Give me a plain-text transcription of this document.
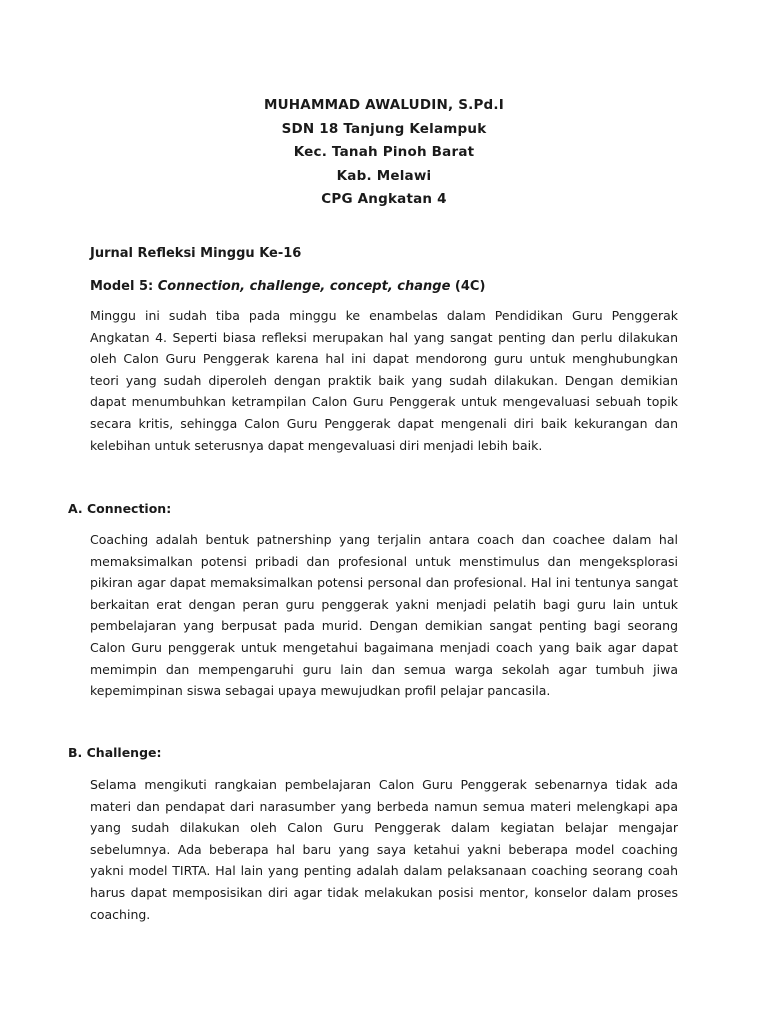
MUHAMMAD AWALUDIN, S.Pd.I
SDN 18 Tanjung Kelampuk
Kec. Tanah Pinoh Barat
Kab. Melawi
CPG Angkatan 4
Jurnal Refleksi Minggu Ke-16
Model 5: Connection, challenge, concept, change (4C)

Minggu ini sudah tiba pada minggu ke enambelas dalam Pendidikan Guru Penggerak Angkatan 4. Seperti biasa refleksi merupakan hal yang sangat penting dan perlu dilakukan oleh Calon Guru Penggerak karena hal ini dapat mendorong guru untuk menghubungkan teori yang sudah diperoleh dengan praktik baik yang sudah dilakukan. Dengan demikian dapat menumbuhkan ketrampilan Calon Guru Penggerak untuk mengevaluasi sebuah topik secara kritis, sehingga Calon Guru Penggerak dapat mengenali diri baik kekurangan dan kelebihan untuk seterusnya dapat mengevaluasi diri menjadi lebih baik.

A. Connection:

Coaching adalah bentuk patnershinp yang terjalin antara coach dan coachee dalam hal memaksimalkan potensi pribadi dan profesional untuk menstimulus dan mengeksplorasi pikiran agar dapat memaksimalkan potensi personal dan profesional. Hal ini tentunya sangat berkaitan erat dengan peran guru penggerak yakni menjadi pelatih bagi guru lain untuk pembelajaran yang berpusat pada murid. Dengan demikian sangat penting bagi seorang Calon Guru penggerak untuk mengetahui bagaimana menjadi coach yang baik agar dapat memimpin dan mempengaruhi guru lain dan semua warga sekolah agar tumbuh jiwa kepemimpinan siswa sebagai upaya mewujudkan profil pelajar pancasila.

B. Challenge:

Selama mengikuti rangkaian pembelajaran Calon Guru Penggerak sebenarnya tidak ada materi dan pendapat dari narasumber yang berbeda namun semua materi melengkapi apa yang sudah dilakukan oleh Calon Guru Penggerak dalam kegiatan belajar mengajar sebelumnya. Ada beberapa hal baru yang saya ketahui yakni beberapa model coaching yakni model TIRTA. Hal lain yang penting adalah dalam pelaksanaan coaching seorang coah harus dapat memposisikan diri agar tidak melakukan posisi mentor, konselor dalam proses coaching.
